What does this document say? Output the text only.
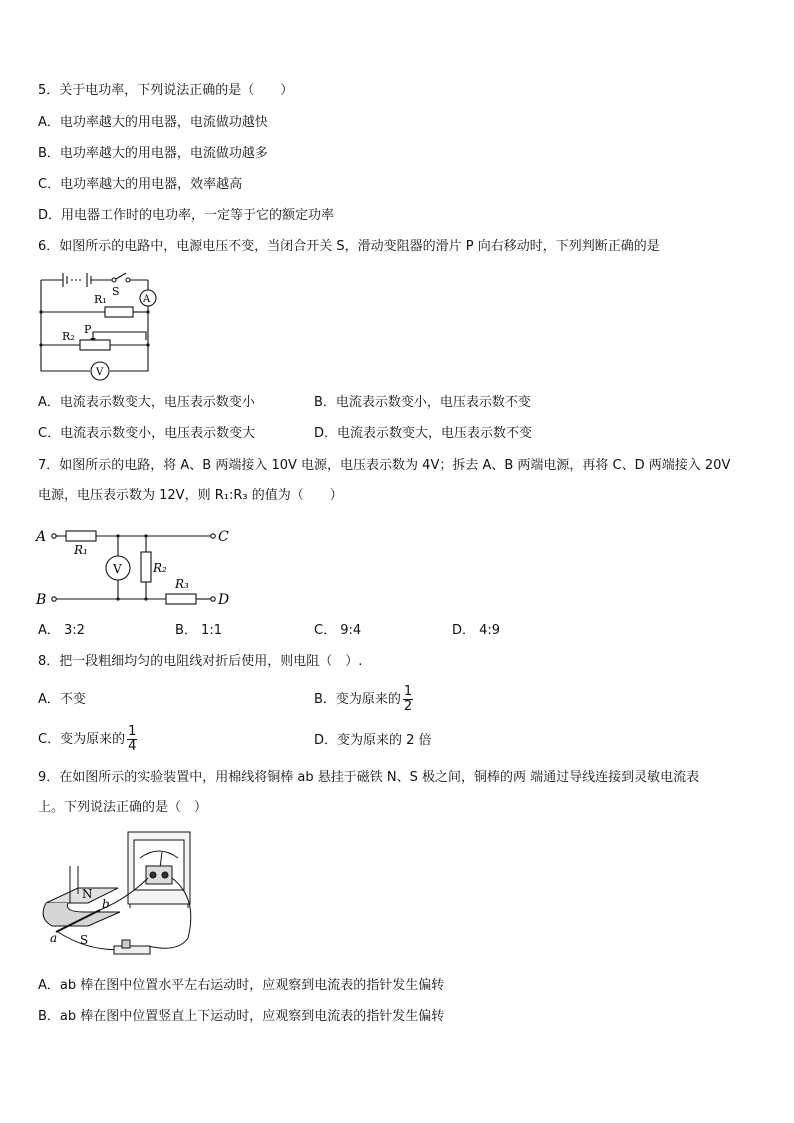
5．关于电功率，下列说法正确的是（　　）
A．电功率越大的用电器，电流做功越快
B．电功率越大的用电器，电流做功越多
C．电功率越大的用电器，效率越高
D．用电器工作时的电功率，一定等于它的额定功率
6．如图所示的电路中，电源电压不变，当闭合开关 S，滑动变阻器的滑片 P 向右移动时，下列判断正确的是
S
A
R₁
R₂
P
V
A．电流表示数变大，电压表示数变小	B．电流表示数变小，电压表示数不变
C．电流表示数变小，电压表示数变大	D．电流表示数变大，电压表示数不变
7．如图所示的电路，将 A、B 两端接入 10V 电源，电压表示数为 4V；拆去 A、B 两端电源，再将 C、D 两端接入 20V
电源，电压表示数为 12V，则 R₁:R₃ 的值为（　　）
A
B
C
D
R₁
R₂
R₃
V
A． 3:2	B． 1:1	C． 9:4	D． 4:9
8．把一段粗细均匀的电阻线对折后使用，则电阻（　）.
A．不变	B．变为原来的 $\frac{1}{2}$
C．变为原来的 $\frac{1}{4}$	D．变为原来的 2 倍
9．在如图所示的实验装置中，用棉线将铜棒 ab 悬挂于磁铁 N、S 极之间，铜棒的两 端通过导线连接到灵敏电流表
上。下列说法正确的是（　）
N
S
a
b
A．ab 棒在图中位置水平左右运动时，应观察到电流表的指针发生偏转
B．ab 棒在图中位置竖直上下运动时，应观察到电流表的指针发生偏转
